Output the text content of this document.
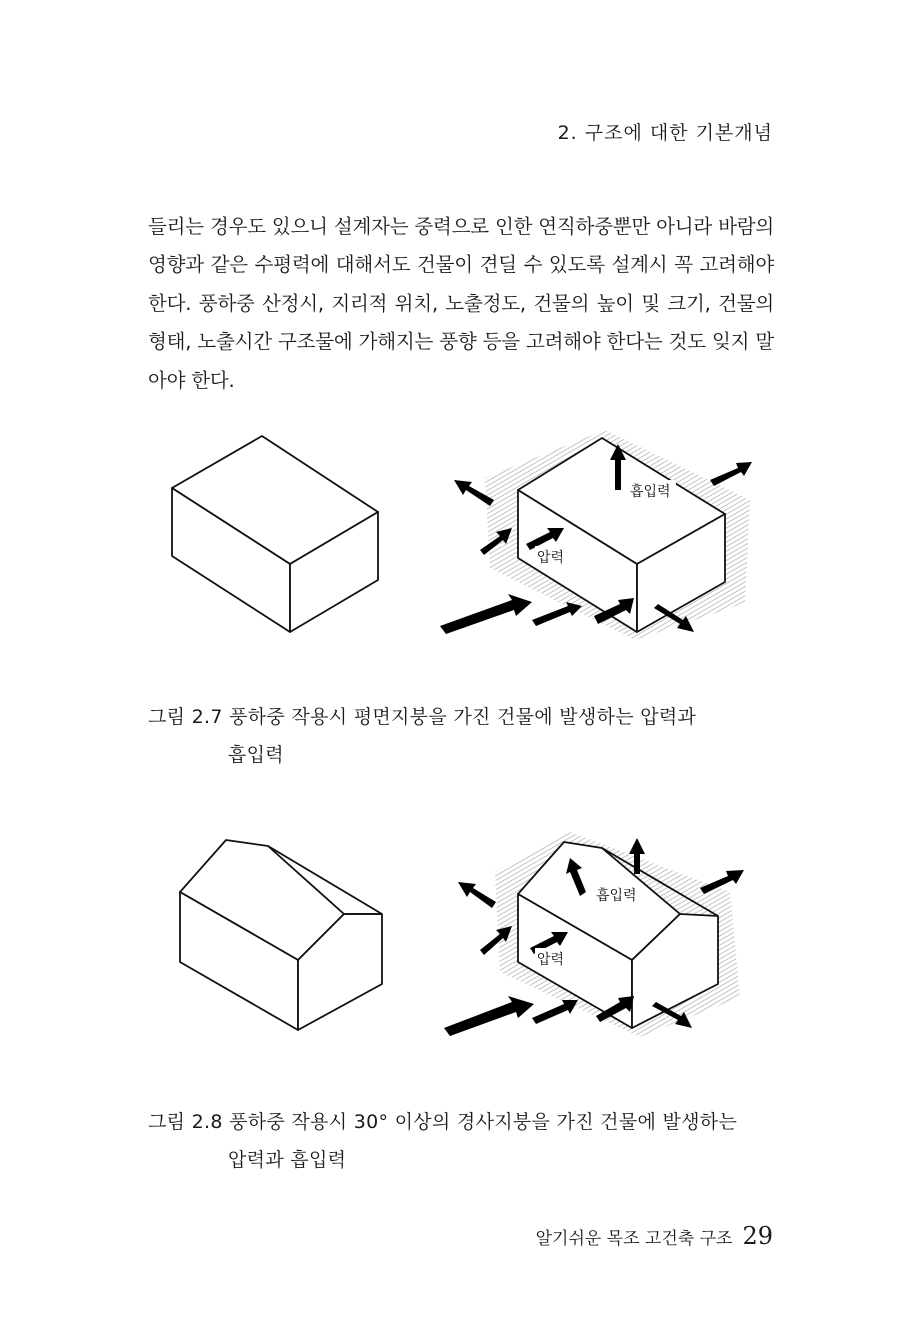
2. 구조에 대한 기본개념

들리는 경우도 있으니 설계자는 중력으로 인한 연직하중뿐만 아니라 바람의 영향과 같은 수평력에 대해서도 건물이 견딜 수 있도록 설계시 꼭 고려해야 한다. 풍하중 산정시, 지리적 위치, 노출정도, 건물의 높이 및 크기, 건물의 형태, 노출시간 구조물에 가해지는 풍향 등을 고려해야 한다는 것도 잊지 말아야 한다.

흡입력
압력
그림 2.7 풍하중 작용시 평면지붕을 가진 건물에 발생하는 압력과
흡입력
흡입력
압력
그림 2.8 풍하중 작용시 30° 이상의 경사지붕을 가진 건물에 발생하는
압력과 흡입력
알기쉬운 목조 고건축 구조 29
